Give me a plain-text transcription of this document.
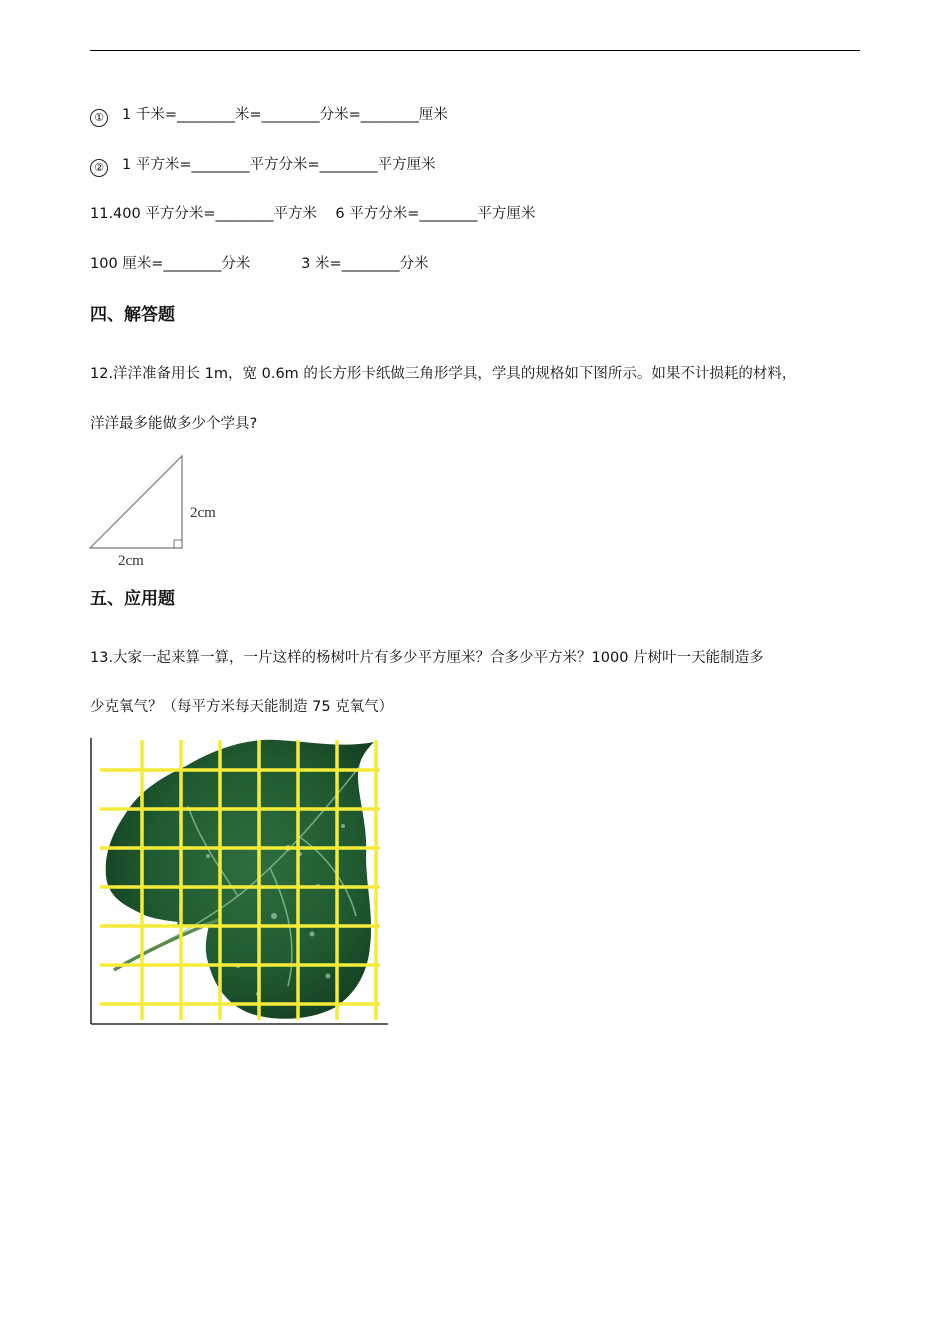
① 1 千米=________米=________分米=________厘米
② 1 平方米=________平方分米=________平方厘米
11.400 平方分米=________平方米    6 平方分米=________平方厘米
100 厘米=________分米           3 米=________分米
四、解答题
12.洋洋准备用长 1m，宽 0.6m 的长方形卡纸做三角形学具，学具的规格如下图所示。如果不计损耗的材料，
洋洋最多能做多少个学具?
2cm
2cm
五、应用题
13.大家一起来算一算，一片这样的杨树叶片有多少平方厘米？合多少平方米？1000 片树叶一天能制造多
少克氧气？（每平方米每天能制造 75 克氧气）
